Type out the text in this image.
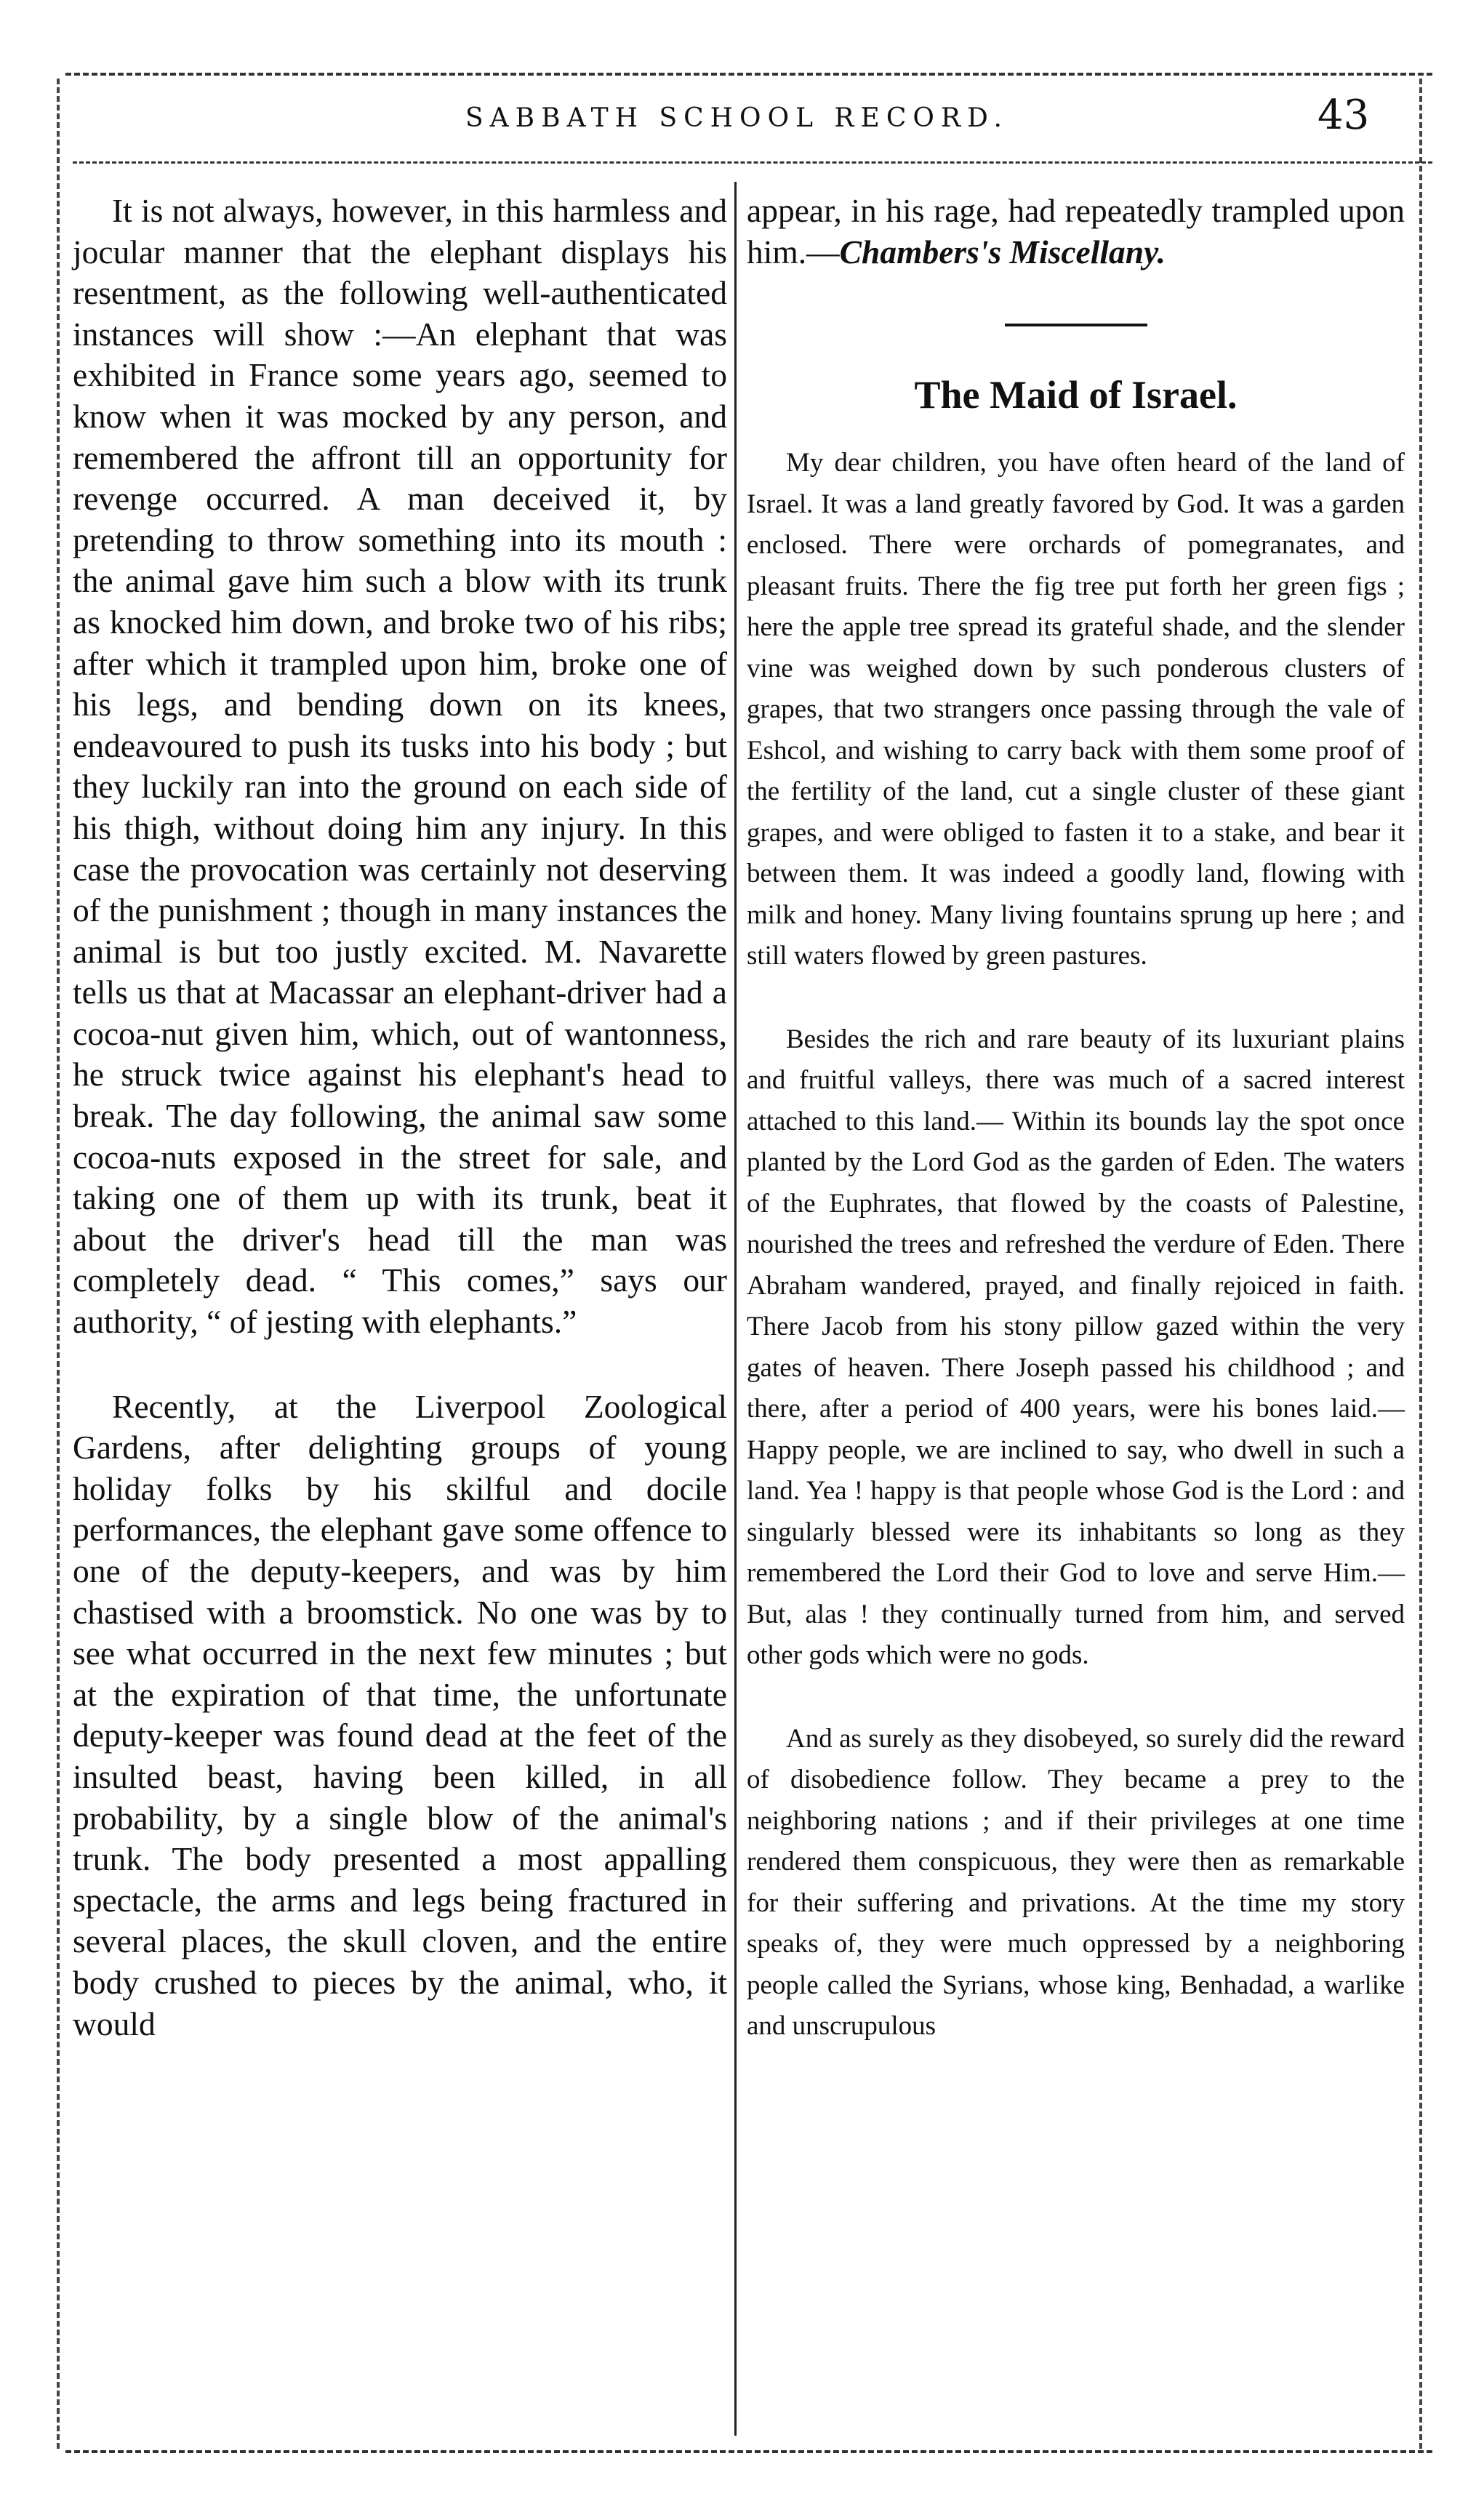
SABBATH SCHOOL RECORD.	43

It is not always, however, in this harmless and jocular manner that the elephant displays his resentment, as the following well-authenticated instances will show :—An elephant that was exhibited in France some years ago, seemed to know when it was mocked by any person, and remembered the affront till an opportunity for revenge occurred. A man deceived it, by pretending to throw something into its mouth : the animal gave him such a blow with its trunk as knocked him down, and broke two of his ribs; after which it trampled upon him, broke one of his legs, and bending down on its knees, endeavoured to push its tusks into his body ; but they luckily ran into the ground on each side of his thigh, without doing him any injury. In this case the provocation was certainly not deserving of the punishment ; though in many instances the animal is but too justly excited. M. Navarette tells us that at Macassar an elephant-driver had a cocoa-nut given him, which, out of wantonness, he struck twice against his elephant's head to break. The day following, the animal saw some cocoa-nuts exposed in the street for sale, and taking one of them up with its trunk, beat it about the driver's head till the man was completely dead. “ This comes,” says our authority, “ of jesting with elephants.”

Recently, at the Liverpool Zoological Gardens, after delighting groups of young holiday folks by his skilful and docile performances, the elephant gave some offence to one of the deputy-keepers, and was by him chastised with a broomstick. No one was by to see what occurred in the next few minutes ; but at the expiration of that time, the unfortunate deputy-keeper was found dead at the feet of the insulted beast, having been killed, in all probability, by a single blow of the animal's trunk. The body presented a most appalling spectacle, the arms and legs being fractured in several places, the skull cloven, and the entire body crushed to pieces by the animal, who, it would

appear, in his rage, had repeatedly trampled upon him.—Chambers's Miscellany.

The Maid of Israel.

My dear children, you have often heard of the land of Israel. It was a land greatly favored by God. It was a garden enclosed. There were orchards of pomegranates, and pleasant fruits. There the fig tree put forth her green figs ; here the apple tree spread its grateful shade, and the slender vine was weighed down by such ponderous clusters of grapes, that two strangers once passing through the vale of Eshcol, and wishing to carry back with them some proof of the fertility of the land, cut a single cluster of these giant grapes, and were obliged to fasten it to a stake, and bear it between them. It was indeed a goodly land, flowing with milk and honey. Many living fountains sprung up here ; and still waters flowed by green pastures.

Besides the rich and rare beauty of its luxuriant plains and fruitful valleys, there was much of a sacred interest attached to this land.— Within its bounds lay the spot once planted by the Lord God as the garden of Eden. The waters of the Euphrates, that flowed by the coasts of Palestine, nourished the trees and refreshed the verdure of Eden. There Abraham wandered, prayed, and finally rejoiced in faith. There Jacob from his stony pillow gazed within the very gates of heaven. There Joseph passed his childhood ; and there, after a period of 400 years, were his bones laid.—Happy people, we are inclined to say, who dwell in such a land. Yea ! happy is that people whose God is the Lord : and singularly blessed were its inhabitants so long as they remembered the Lord their God to love and serve Him.— But, alas ! they continually turned from him, and served other gods which were no gods.

And as surely as they disobeyed, so surely did the reward of disobedience follow. They became a prey to the neighboring nations ; and if their privileges at one time rendered them conspicuous, they were then as remarkable for their suffering and privations. At the time my story speaks of, they were much oppressed by a neighboring people called the Syrians, whose king, Benhadad, a warlike and unscrupulous
